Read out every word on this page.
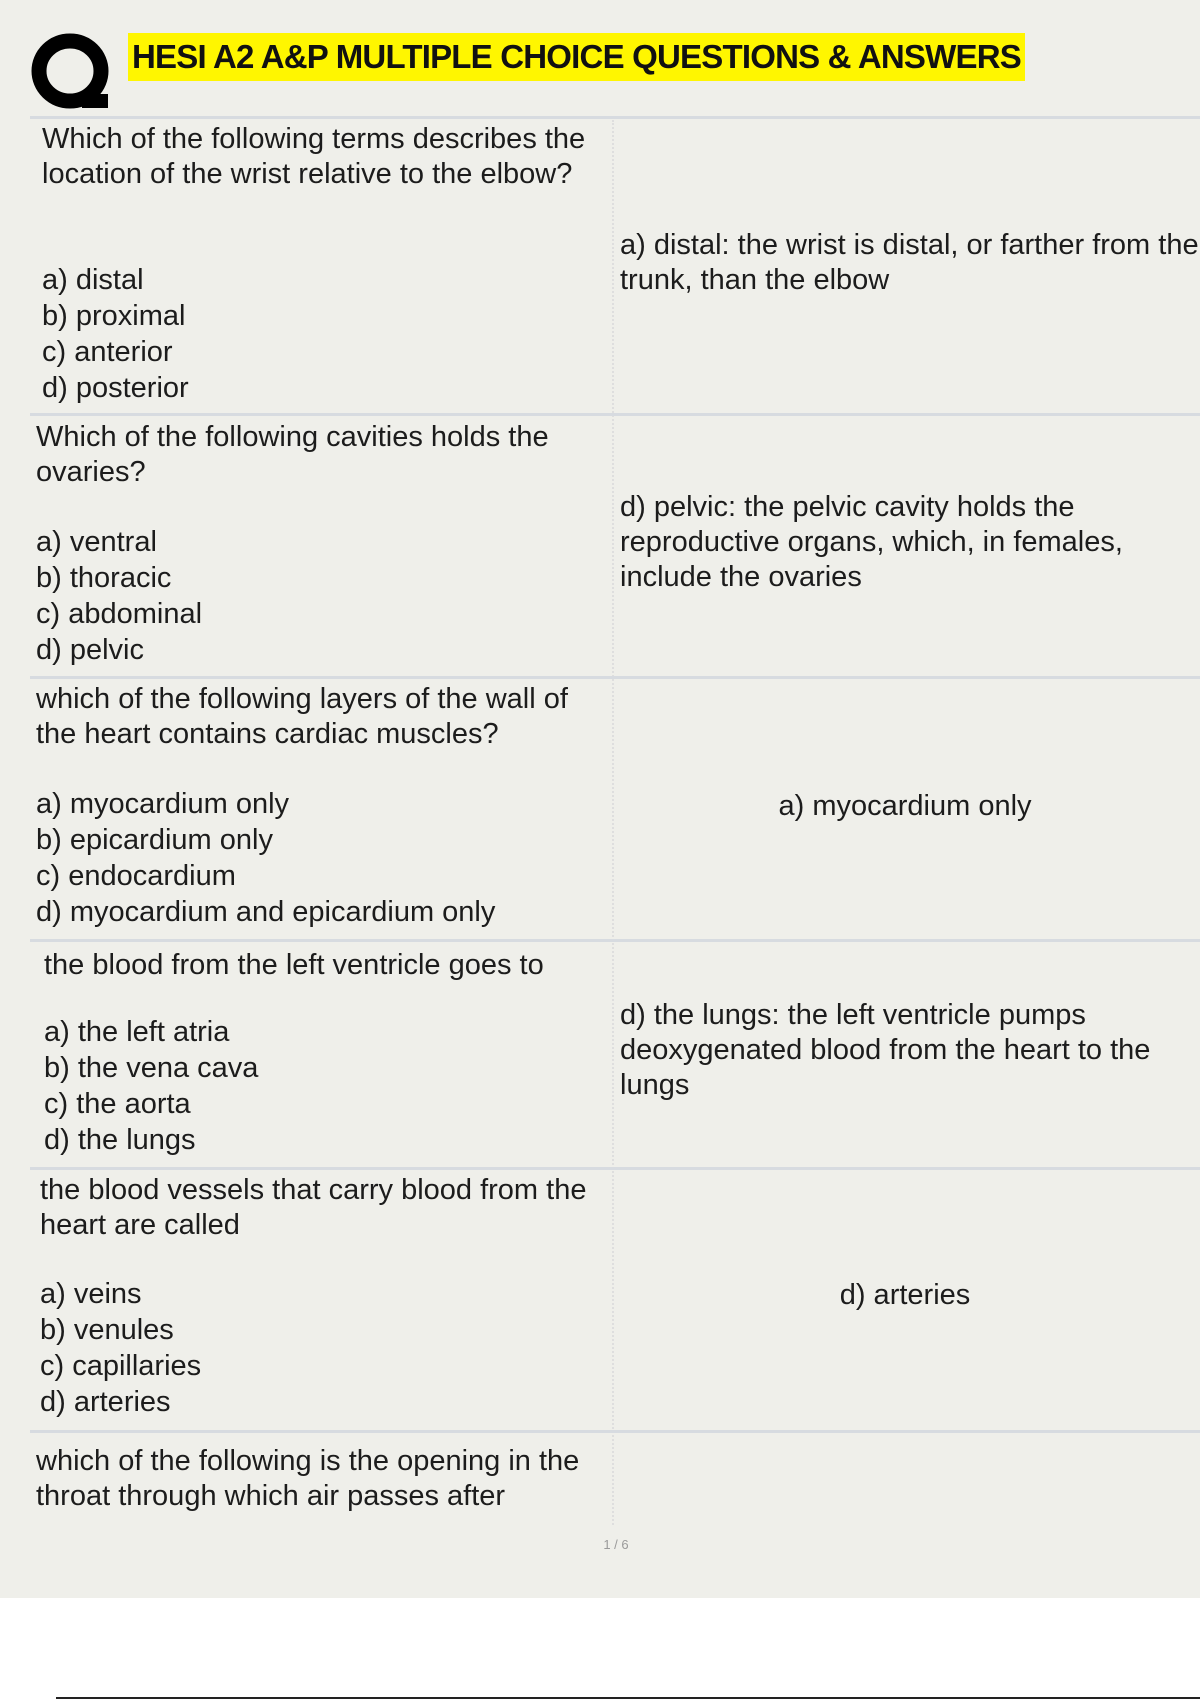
HESI A2 A&P MULTIPLE CHOICE QUESTIONS & ANSWERS
Which of the following terms describes the location of the wrist relative to the elbow?
a) distal
b) proximal
c) anterior
d) posterior
a) distal: the wrist is distal, or farther from the trunk, than the elbow
Which of the following cavities holds the ovaries?
a) ventral
b) thoracic
c) abdominal
d) pelvic
d) pelvic: the pelvic cavity holds the reproductive organs, which, in females, include the ovaries
which of the following layers of the wall of the heart contains cardiac muscles?
a) myocardium only
b) epicardium only
c) endocardium
d) myocardium and epicardium only
a) myocardium only
the blood from the left ventricle goes to
a) the left atria
b) the vena cava
c) the aorta
d) the lungs
d) the lungs: the left ventricle pumps deoxygenated blood from the heart to the lungs
the blood vessels that carry blood from the heart are called
a) veins
b) venules
c) capillaries
d) arteries
d) arteries
which of the following is the opening in the throat through which air passes after
1 / 6
